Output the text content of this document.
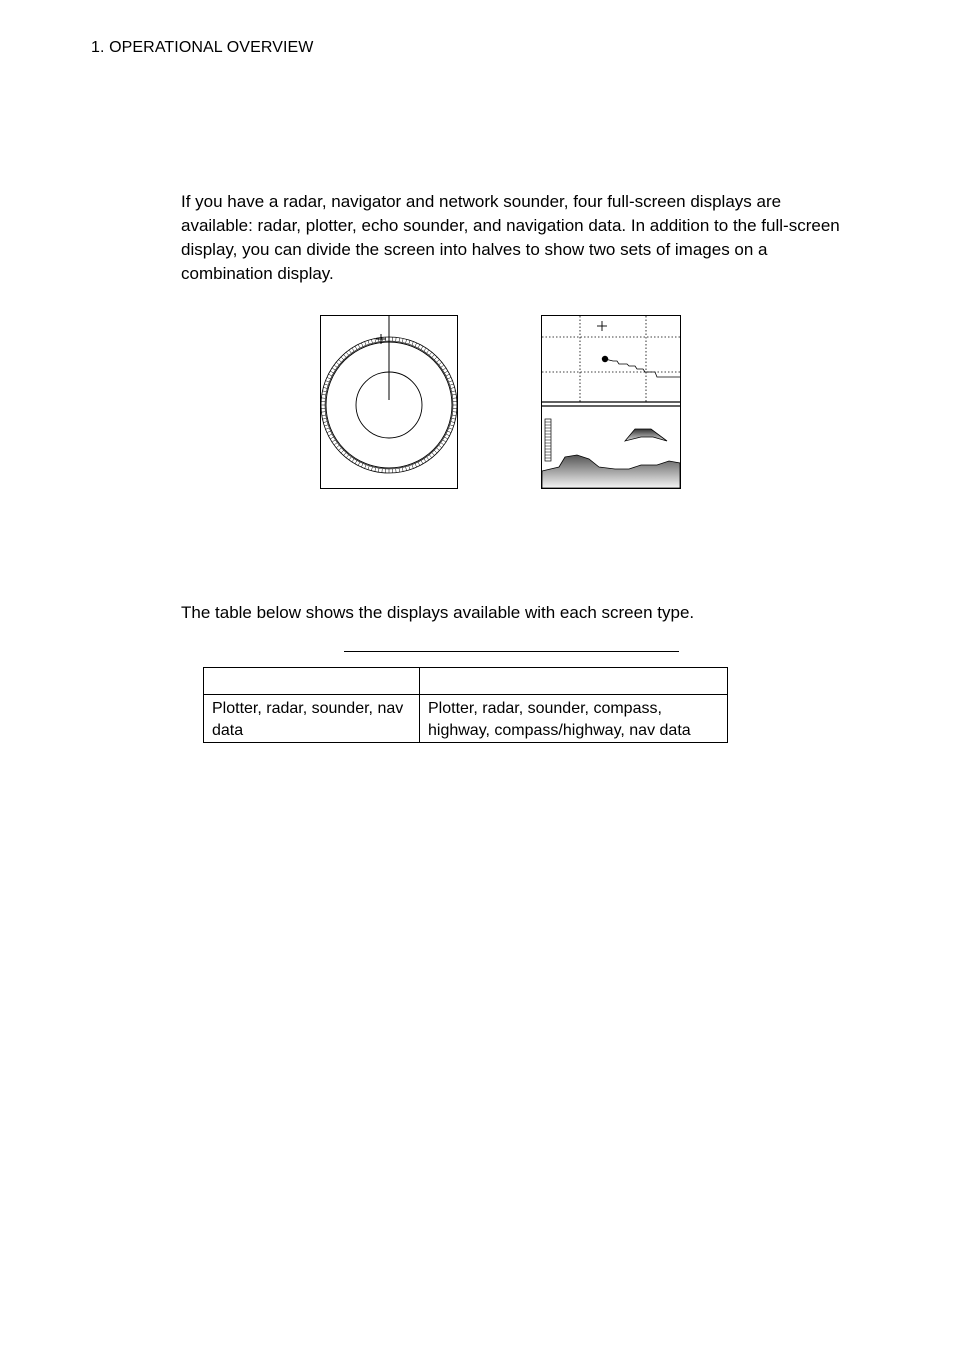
1. OPERATIONAL OVERVIEW

If you have a radar, navigator and network sounder, four full-screen displays are available: radar, plotter, echo sounder, and navigation data. In addition to the full-screen display, you can divide the screen into halves to show two sets of images on a combination display.

The table below shows the displays available with each screen type.

Plotter, radar, sounder, nav data	Plotter, radar, sounder, compass, highway, compass/highway, nav data
